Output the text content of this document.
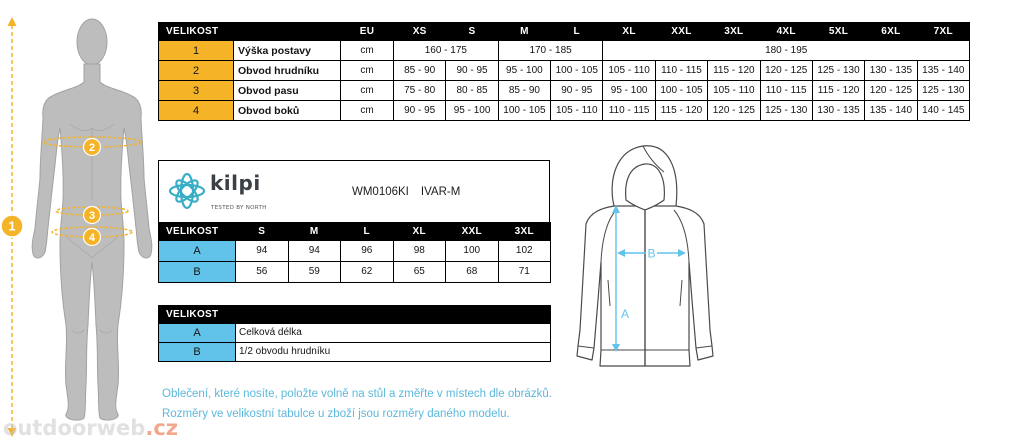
1
2
3
4
VELIKOST		EU	XS	S	M	L	XL	XXL	3XL	4XL	5XL	6XL	7XL
1	Výška postavy	cm	160 - 175		170 - 185		180 - 195						
2	Obvod hrudníku	cm	85 - 90	90 - 95	95 - 100	100 - 105	105 - 110	110 - 115	115 - 120	120 - 125	125 - 130	130 - 135	135 - 140
3	Obvod pasu	cm	75 - 80	80 - 85	85 - 90	90 - 95	95 - 100	100 - 105	105 - 110	110 - 115	115 - 120	120 - 125	125 - 130
4	Obvod boků	cm	90 - 95	95 - 100	100 - 105	105 - 110	110 - 115	115 - 120	120 - 125	125 - 130	130 - 135	135 - 140	140 - 145
kilpi
TESTED BY NORTH
WM0106KI IVAR-M
VELIKOST	S	M	L	XL	XXL	3XL
A	94	94	96	98	100	102
B	56	59	62	65	68	71
VELIKOST	
A	Celková délka
B	1/2 obvodu hrudníku
A
B
Oblečení, které nosíte, položte volně na stůl a změřte v místech dle obrázků.
Rozměry ve velikostní tabulce u zboží jsou rozměry daného modelu.
outdoorweb.cz
